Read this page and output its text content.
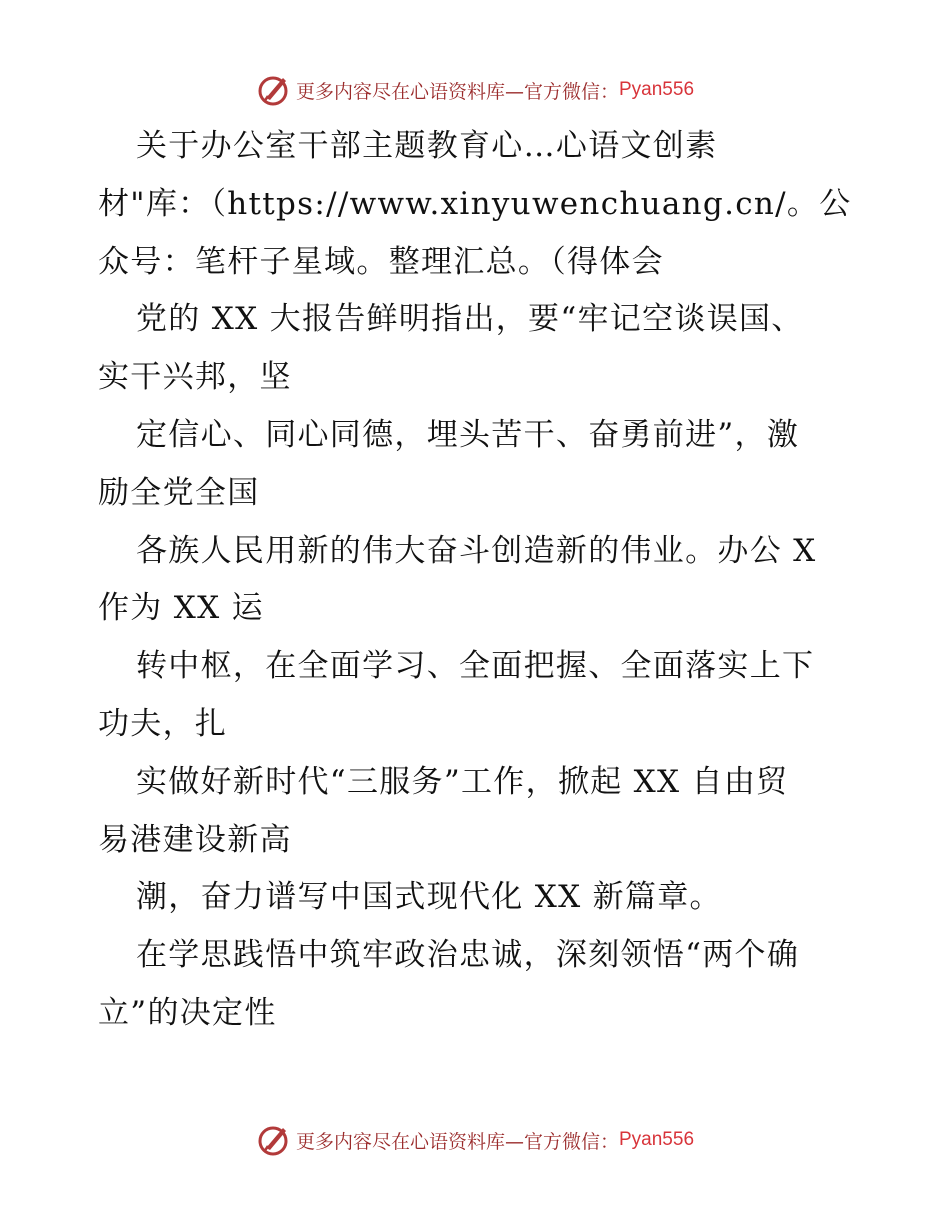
更多内容尽在心语资料库—官方微信： Pyan556
关于办公室干部主题教育心…心语文创素
材"库：（https://www.xinyuwenchuang.cn/。公
众号：笔杆子星域。整理汇总。（得体会
党的 XX 大报告鲜明指出，要“牢记空谈误国、
实干兴邦，坚
定信心、同心同德，埋头苦干、奋勇前进”，激
励全党全国
各族人民用新的伟大奋斗创造新的伟业。办公 X
作为 XX 运
转中枢，在全面学习、全面把握、全面落实上下
功夫，扎
实做好新时代“三服务”工作，掀起 XX 自由贸
易港建设新高
潮，奋力谱写中国式现代化 XX 新篇章。
在学思践悟中筑牢政治忠诚，深刻领悟“两个确
立”的决定性
更多内容尽在心语资料库—官方微信： Pyan556
